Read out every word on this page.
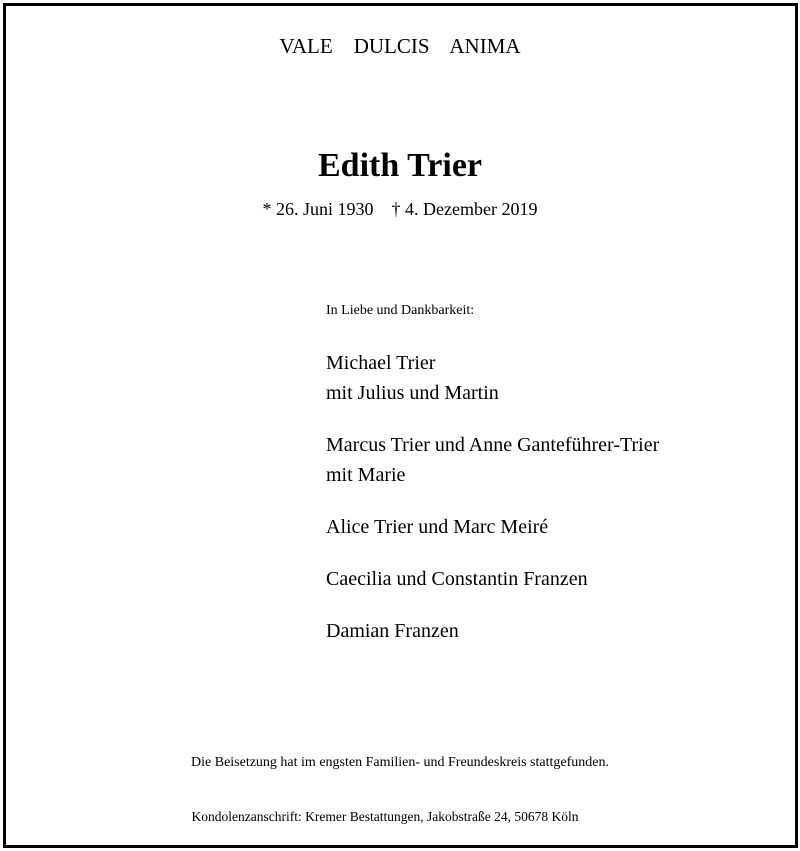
VALE    DULCIS    ANIMA
Edith Trier
* 26. Juni 1930    † 4. Dezember 2019
In Liebe und Dankbarkeit:
Michael Trier
mit Julius und Martin
Marcus Trier und Anne Ganteführer-Trier
mit Marie
Alice Trier und Marc Meiré
Caecilia und Constantin Franzen
Damian Franzen
Die Beisetzung hat im engsten Familien- und Freundeskreis stattgefunden.
Kondolenzanschrift: Kremer Bestattungen, Jakobstraße 24, 50678 Köln
